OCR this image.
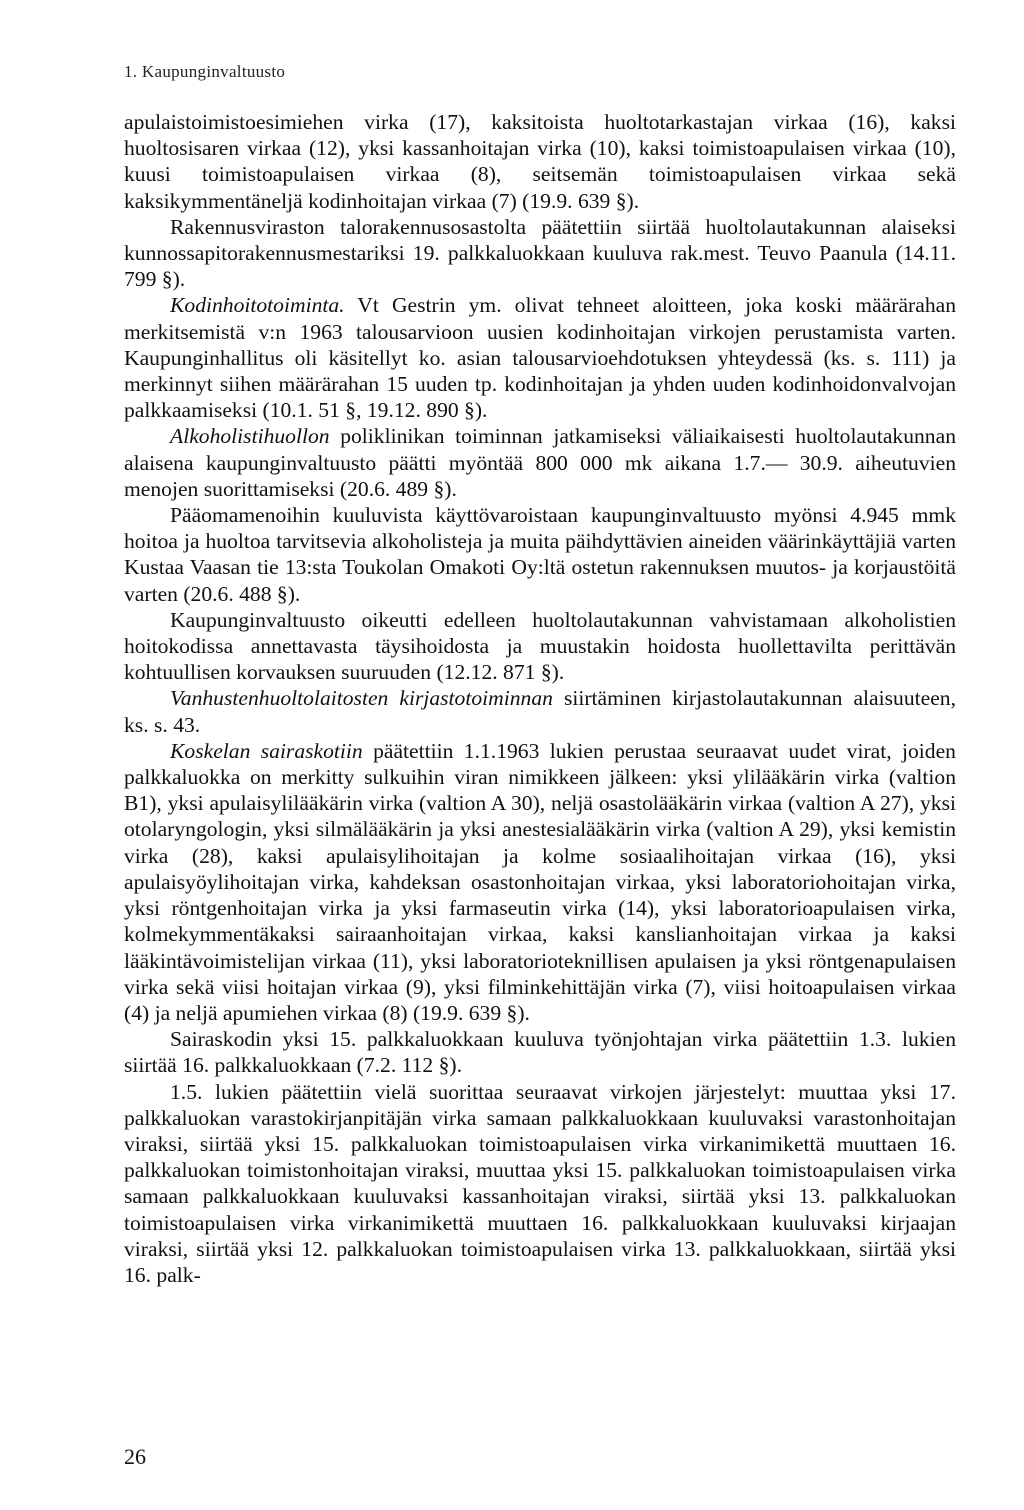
1. Kaupunginvaltuusto

apulaistoimistoesimiehen virka (17), kaksitoista huoltotarkastajan virkaa (16), kaksi huoltosisaren virkaa (12), yksi kassanhoitajan virka (10), kaksi toimistoapulaisen virkaa (10), kuusi toimistoapulaisen virkaa (8), seitsemän toimistoapulaisen virkaa sekä kaksikymmentäneljä kodinhoitajan virkaa (7) (19.9. 639 §).

Rakennusviraston talorakennusosastolta päätettiin siirtää huoltolautakunnan alaiseksi kunnossapitorakennusmestariksi 19. palkkaluokkaan kuuluva rak.mest. Teuvo Paanula (14.11. 799 §).

Kodinhoitotoiminta. Vt Gestrin ym. olivat tehneet aloitteen, joka koski määrärahan merkitsemistä v:n 1963 talousarvioon uusien kodinhoitajan virkojen perustamista varten. Kaupunginhallitus oli käsitellyt ko. asian talousarvioehdotuksen yhteydessä (ks. s. 111) ja merkinnyt siihen määrärahan 15 uuden tp. kodinhoitajan ja yhden uuden kodinhoidonvalvojan palkkaamiseksi (10.1. 51 §, 19.12. 890 §).

Alkoholistihuollon poliklinikan toiminnan jatkamiseksi väliaikaisesti huoltolautakunnan alaisena kaupunginvaltuusto päätti myöntää 800 000 mk aikana 1.7.— 30.9. aiheutuvien menojen suorittamiseksi (20.6. 489 §).

Pääomamenoihin kuuluvista käyttövaroistaan kaupunginvaltuusto myönsi 4.945 mmk hoitoa ja huoltoa tarvitsevia alkoholisteja ja muita päihdyttävien aineiden väärinkäyttäjiä varten Kustaa Vaasan tie 13:sta Toukolan Omakoti Oy:ltä ostetun rakennuksen muutos- ja korjaustöitä varten (20.6. 488 §).

Kaupunginvaltuusto oikeutti edelleen huoltolautakunnan vahvistamaan alkoholistien hoitokodissa annettavasta täysihoidosta ja muustakin hoidosta huollettavilta perittävän kohtuullisen korvauksen suuruuden (12.12. 871 §).

Vanhustenhuoltolaitosten kirjastotoiminnan siirtäminen kirjastolautakunnan alaisuuteen, ks. s. 43.

Koskelan sairaskotiin päätettiin 1.1.1963 lukien perustaa seuraavat uudet virat, joiden palkkaluokka on merkitty sulkuihin viran nimikkeen jälkeen: yksi ylilääkärin virka (valtion B1), yksi apulaisylilääkärin virka (valtion A 30), neljä osastolääkärin virkaa (valtion A 27), yksi otolaryngologin, yksi silmälääkärin ja yksi anestesialääkärin virka (valtion A 29), yksi kemistin virka (28), kaksi apulaisylihoitajan ja kolme sosiaalihoitajan virkaa (16), yksi apulaisyöylihoitajan virka, kahdeksan osastonhoitajan virkaa, yksi laboratoriohoitajan virka, yksi röntgenhoitajan virka ja yksi farmaseutin virka (14), yksi laboratorioapulaisen virka, kolmekymmentäkaksi sairaanhoitajan virkaa, kaksi kanslianhoitajan virkaa ja kaksi lääkintävoimistelijan virkaa (11), yksi laboratorioteknillisen apulaisen ja yksi röntgenapulaisen virka sekä viisi hoitajan virkaa (9), yksi filminkehittäjän virka (7), viisi hoitoapulaisen virkaa (4) ja neljä apumiehen virkaa (8) (19.9. 639 §).

Sairaskodin yksi 15. palkkaluokkaan kuuluva työnjohtajan virka päätettiin 1.3. lukien siirtää 16. palkkaluokkaan (7.2. 112 §).

1.5. lukien päätettiin vielä suorittaa seuraavat virkojen järjestelyt: muuttaa yksi 17. palkkaluokan varastokirjanpitäjän virka samaan palkkaluokkaan kuuluvaksi varastonhoitajan viraksi, siirtää yksi 15. palkkaluokan toimistoapulaisen virka virkanimikettä muuttaen 16. palkkaluokan toimistonhoitajan viraksi, muuttaa yksi 15. palkkaluokan toimistoapulaisen virka samaan palkkaluokkaan kuuluvaksi kassanhoitajan viraksi, siirtää yksi 13. palkkaluokan toimistoapulaisen virka virkanimikettä muuttaen 16. palkkaluokkaan kuuluvaksi kirjaajan viraksi, siirtää yksi 12. palkkaluokan toimistoapulaisen virka 13. palkkaluokkaan, siirtää yksi 16. palk-

26
